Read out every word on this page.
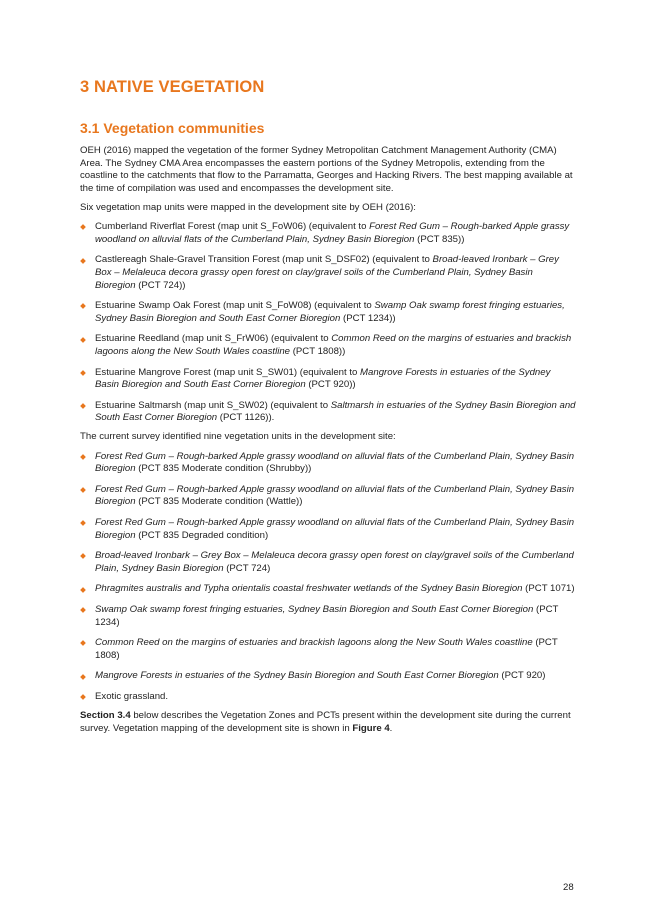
3 NATIVE VEGETATION
3.1 Vegetation communities

OEH (2016) mapped the vegetation of the former Sydney Metropolitan Catchment Management Authority (CMA) Area. The Sydney CMA Area encompasses the eastern portions of the Sydney Metropolis, extending from the coastline to the catchments that flow to the Parramatta, Georges and Hacking Rivers. The best mapping available at the time of compilation was used and encompasses the development site.

Six vegetation map units were mapped in the development site by OEH (2016):

Cumberland Riverflat Forest (map unit S_FoW06) (equivalent to Forest Red Gum – Rough-barked Apple grassy woodland on alluvial flats of the Cumberland Plain, Sydney Basin Bioregion (PCT 835))
Castlereagh Shale-Gravel Transition Forest (map unit S_DSF02) (equivalent to Broad-leaved Ironbark – Grey Box – Melaleuca decora grassy open forest on clay/gravel soils of the Cumberland Plain, Sydney Basin Bioregion (PCT 724))
Estuarine Swamp Oak Forest (map unit S_FoW08) (equivalent to Swamp Oak swamp forest fringing estuaries, Sydney Basin Bioregion and South East Corner Bioregion (PCT 1234))
Estuarine Reedland (map unit S_FrW06) (equivalent to Common Reed on the margins of estuaries and brackish lagoons along the New South Wales coastline (PCT 1808))
Estuarine Mangrove Forest (map unit S_SW01) (equivalent to Mangrove Forests in estuaries of the Sydney Basin Bioregion and South East Corner Bioregion (PCT 920))
Estuarine Saltmarsh (map unit S_SW02) (equivalent to Saltmarsh in estuaries of the Sydney Basin Bioregion and South East Corner Bioregion (PCT 1126)).

The current survey identified nine vegetation units in the development site:

Forest Red Gum – Rough-barked Apple grassy woodland on alluvial flats of the Cumberland Plain, Sydney Basin Bioregion (PCT 835 Moderate condition (Shrubby))
Forest Red Gum – Rough-barked Apple grassy woodland on alluvial flats of the Cumberland Plain, Sydney Basin Bioregion (PCT 835 Moderate condition (Wattle))
Forest Red Gum – Rough-barked Apple grassy woodland on alluvial flats of the Cumberland Plain, Sydney Basin Bioregion (PCT 835 Degraded condition)
Broad-leaved Ironbark – Grey Box – Melaleuca decora grassy open forest on clay/gravel soils of the Cumberland Plain, Sydney Basin Bioregion (PCT 724)
Phragmites australis and Typha orientalis coastal freshwater wetlands of the Sydney Basin Bioregion (PCT 1071)
Swamp Oak swamp forest fringing estuaries, Sydney Basin Bioregion and South East Corner Bioregion (PCT 1234)
Common Reed on the margins of estuaries and brackish lagoons along the New South Wales coastline (PCT 1808)
Mangrove Forests in estuaries of the Sydney Basin Bioregion and South East Corner Bioregion (PCT 920)
Exotic grassland.

Section 3.4 below describes the Vegetation Zones and PCTs present within the development site during the current survey. Vegetation mapping of the development site is shown in Figure 4.

28
